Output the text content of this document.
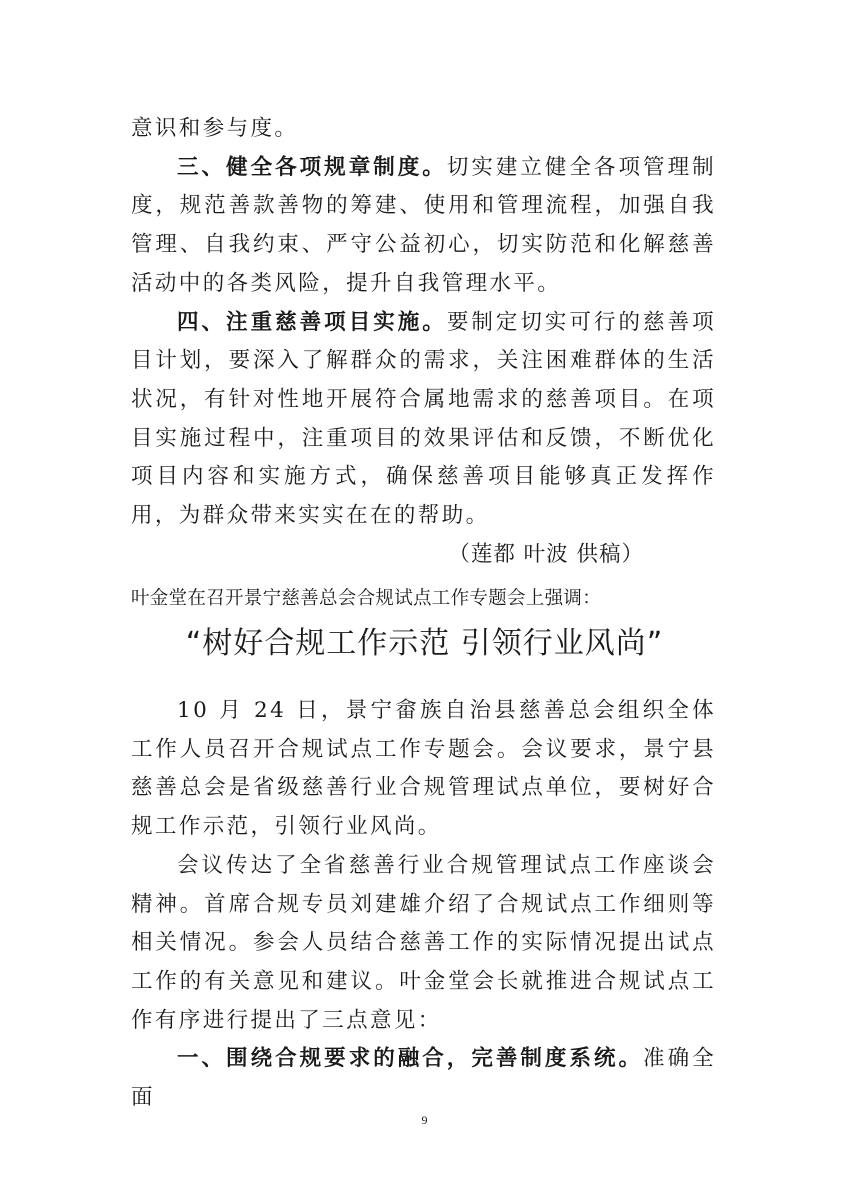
意识和参与度。
三、健全各项规章制度。切实建立健全各项管理制度，规范善款善物的筹建、使用和管理流程，加强自我管理、自我约束、严守公益初心，切实防范和化解慈善活动中的各类风险，提升自我管理水平。
四、注重慈善项目实施。要制定切实可行的慈善项目计划，要深入了解群众的需求，关注困难群体的生活状况，有针对性地开展符合属地需求的慈善项目。在项目实施过程中，注重项目的效果评估和反馈，不断优化项目内容和实施方式，确保慈善项目能够真正发挥作用，为群众带来实实在在的帮助。
（莲都 叶波 供稿）
叶金堂在召开景宁慈善总会合规试点工作专题会上强调：
“树好合规工作示范 引领行业风尚”
10 月 24 日，景宁畲族自治县慈善总会组织全体工作人员召开合规试点工作专题会。会议要求，景宁县慈善总会是省级慈善行业合规管理试点单位，要树好合规工作示范，引领行业风尚。
会议传达了全省慈善行业合规管理试点工作座谈会精神。首席合规专员刘建雄介绍了合规试点工作细则等相关情况。参会人员结合慈善工作的实际情况提出试点工作的有关意见和建议。叶金堂会长就推进合规试点工作有序进行提出了三点意见：
一、围绕合规要求的融合，完善制度系统。准确全面
9
